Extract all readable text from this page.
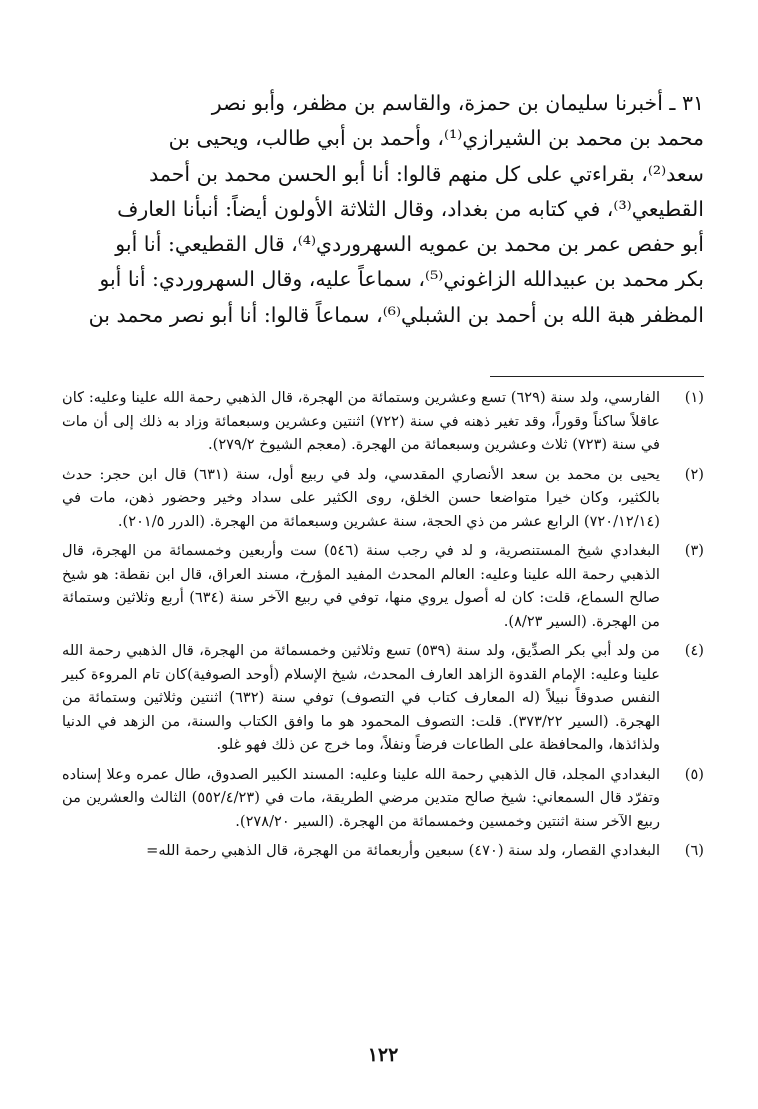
٣١ ـ أخبرنا سليمان بن حمزة، والقاسم بن مظفر، وأبو نصر
محمد بن محمد بن الشيرازي⁽¹⁾، وأحمد بن أبي طالب، ويحيى بن
سعد⁽²⁾، بقراءتي على كل منهم قالوا: أنا أبو الحسن محمد بن أحمد
القطيعي⁽³⁾، في كتابه من بغداد، وقال الثلاثة الأولون أيضاً: أنبأنا العارف
أبو حفص عمر بن محمد بن عمويه السهروردي⁽⁴⁾، قال القطيعي: أنا أبو
بكر محمد بن عبيدالله الزاغوني⁽⁵⁾، سماعاً عليه، وقال السهروردي: أنا أبو
المظفر هبة الله بن أحمد بن الشبلي⁽⁶⁾، سماعاً قالوا: أنا أبو نصر محمد بن
(١)
الفارسي، ولد سنة (٦٢٩) تسع وعشرين وستمائة من الهجرة، قال الذهبي رحمة الله علينا وعليه: كان عاقلاً ساكناً وقوراً، وقد تغير ذهنه في سنة (٧٢٢) اثنتين وعشرين وسبعمائة وزاد به ذلك إلى أن مات في سنة (٧٢٣) ثلاث وعشرين وسبعمائة من الهجرة. (معجم الشيوخ ٢٧٩/٢).
(٢)
يحيى بن محمد بن سعد الأنصاري المقدسي، ولد في ربيع أول، سنة (٦٣١) قال ابن حجر: حدث بالكثير، وكان خيرا متواضعا حسن الخلق، روى الكثير على سداد وخير وحضور ذهن، مات في (٧٢٠/١٢/١٤) الرابع عشر من ذي الحجة، سنة عشرين وسبعمائة من الهجرة. (الدرر ٢٠١/٥).
(٣)
البغدادي شيخ المستنصرية، و لد في رجب سنة (٥٤٦) ست وأربعين وخمسمائة من الهجرة، قال الذهبي رحمة الله علينا وعليه: العالم المحدث المفيد المؤرخ، مسند العراق، قال ابن نقطة: هو شيخ صالح السماع، قلت: كان له أصول يروي منها، توفي في ربيع الآخر سنة (٦٣٤) أربع وثلاثين وستمائة من الهجرة. (السير ٨/٢٣).
(٤)
من ولد أبي بكر الصدِّيق، ولد سنة (٥٣٩) تسع وثلاثين وخمسمائة من الهجرة، قال الذهبي رحمة الله علينا وعليه: الإمام القدوة الزاهد العارف المحدث، شيخ الإسلام (أوحد الصوفية)كان تام المروءة كبير النفس صدوقاً نبيلاً (له المعارف كتاب في التصوف) توفي سنة (٦٣٢) اثنتين وثلاثين وستمائة من الهجرة. (السير ٣٧٣/٢٢). قلت: التصوف المحمود هو ما وافق الكتاب والسنة، من الزهد في الدنيا ولذائذها، والمحافظة على الطاعات فرضاً ونفلاً، وما خرج عن ذلك فهو غلو.
(٥)
البغدادي المجلد، قال الذهبي رحمة الله علينا وعليه: المسند الكبير الصدوق، طال عمره وعلا إسناده وتفرّد قال السمعاني: شيخ صالح متدين مرضي الطريقة، مات في (٥٥٢/٤/٢٣) الثالث والعشرين من ربيع الآخر سنة اثنتين وخمسين وخمسمائة من الهجرة. (السير ٢٧٨/٢٠).
(٦)
البغدادي القصار، ولد سنة (٤٧٠) سبعين وأربعمائة من الهجرة، قال الذهبي رحمة الله=
١٢٢
